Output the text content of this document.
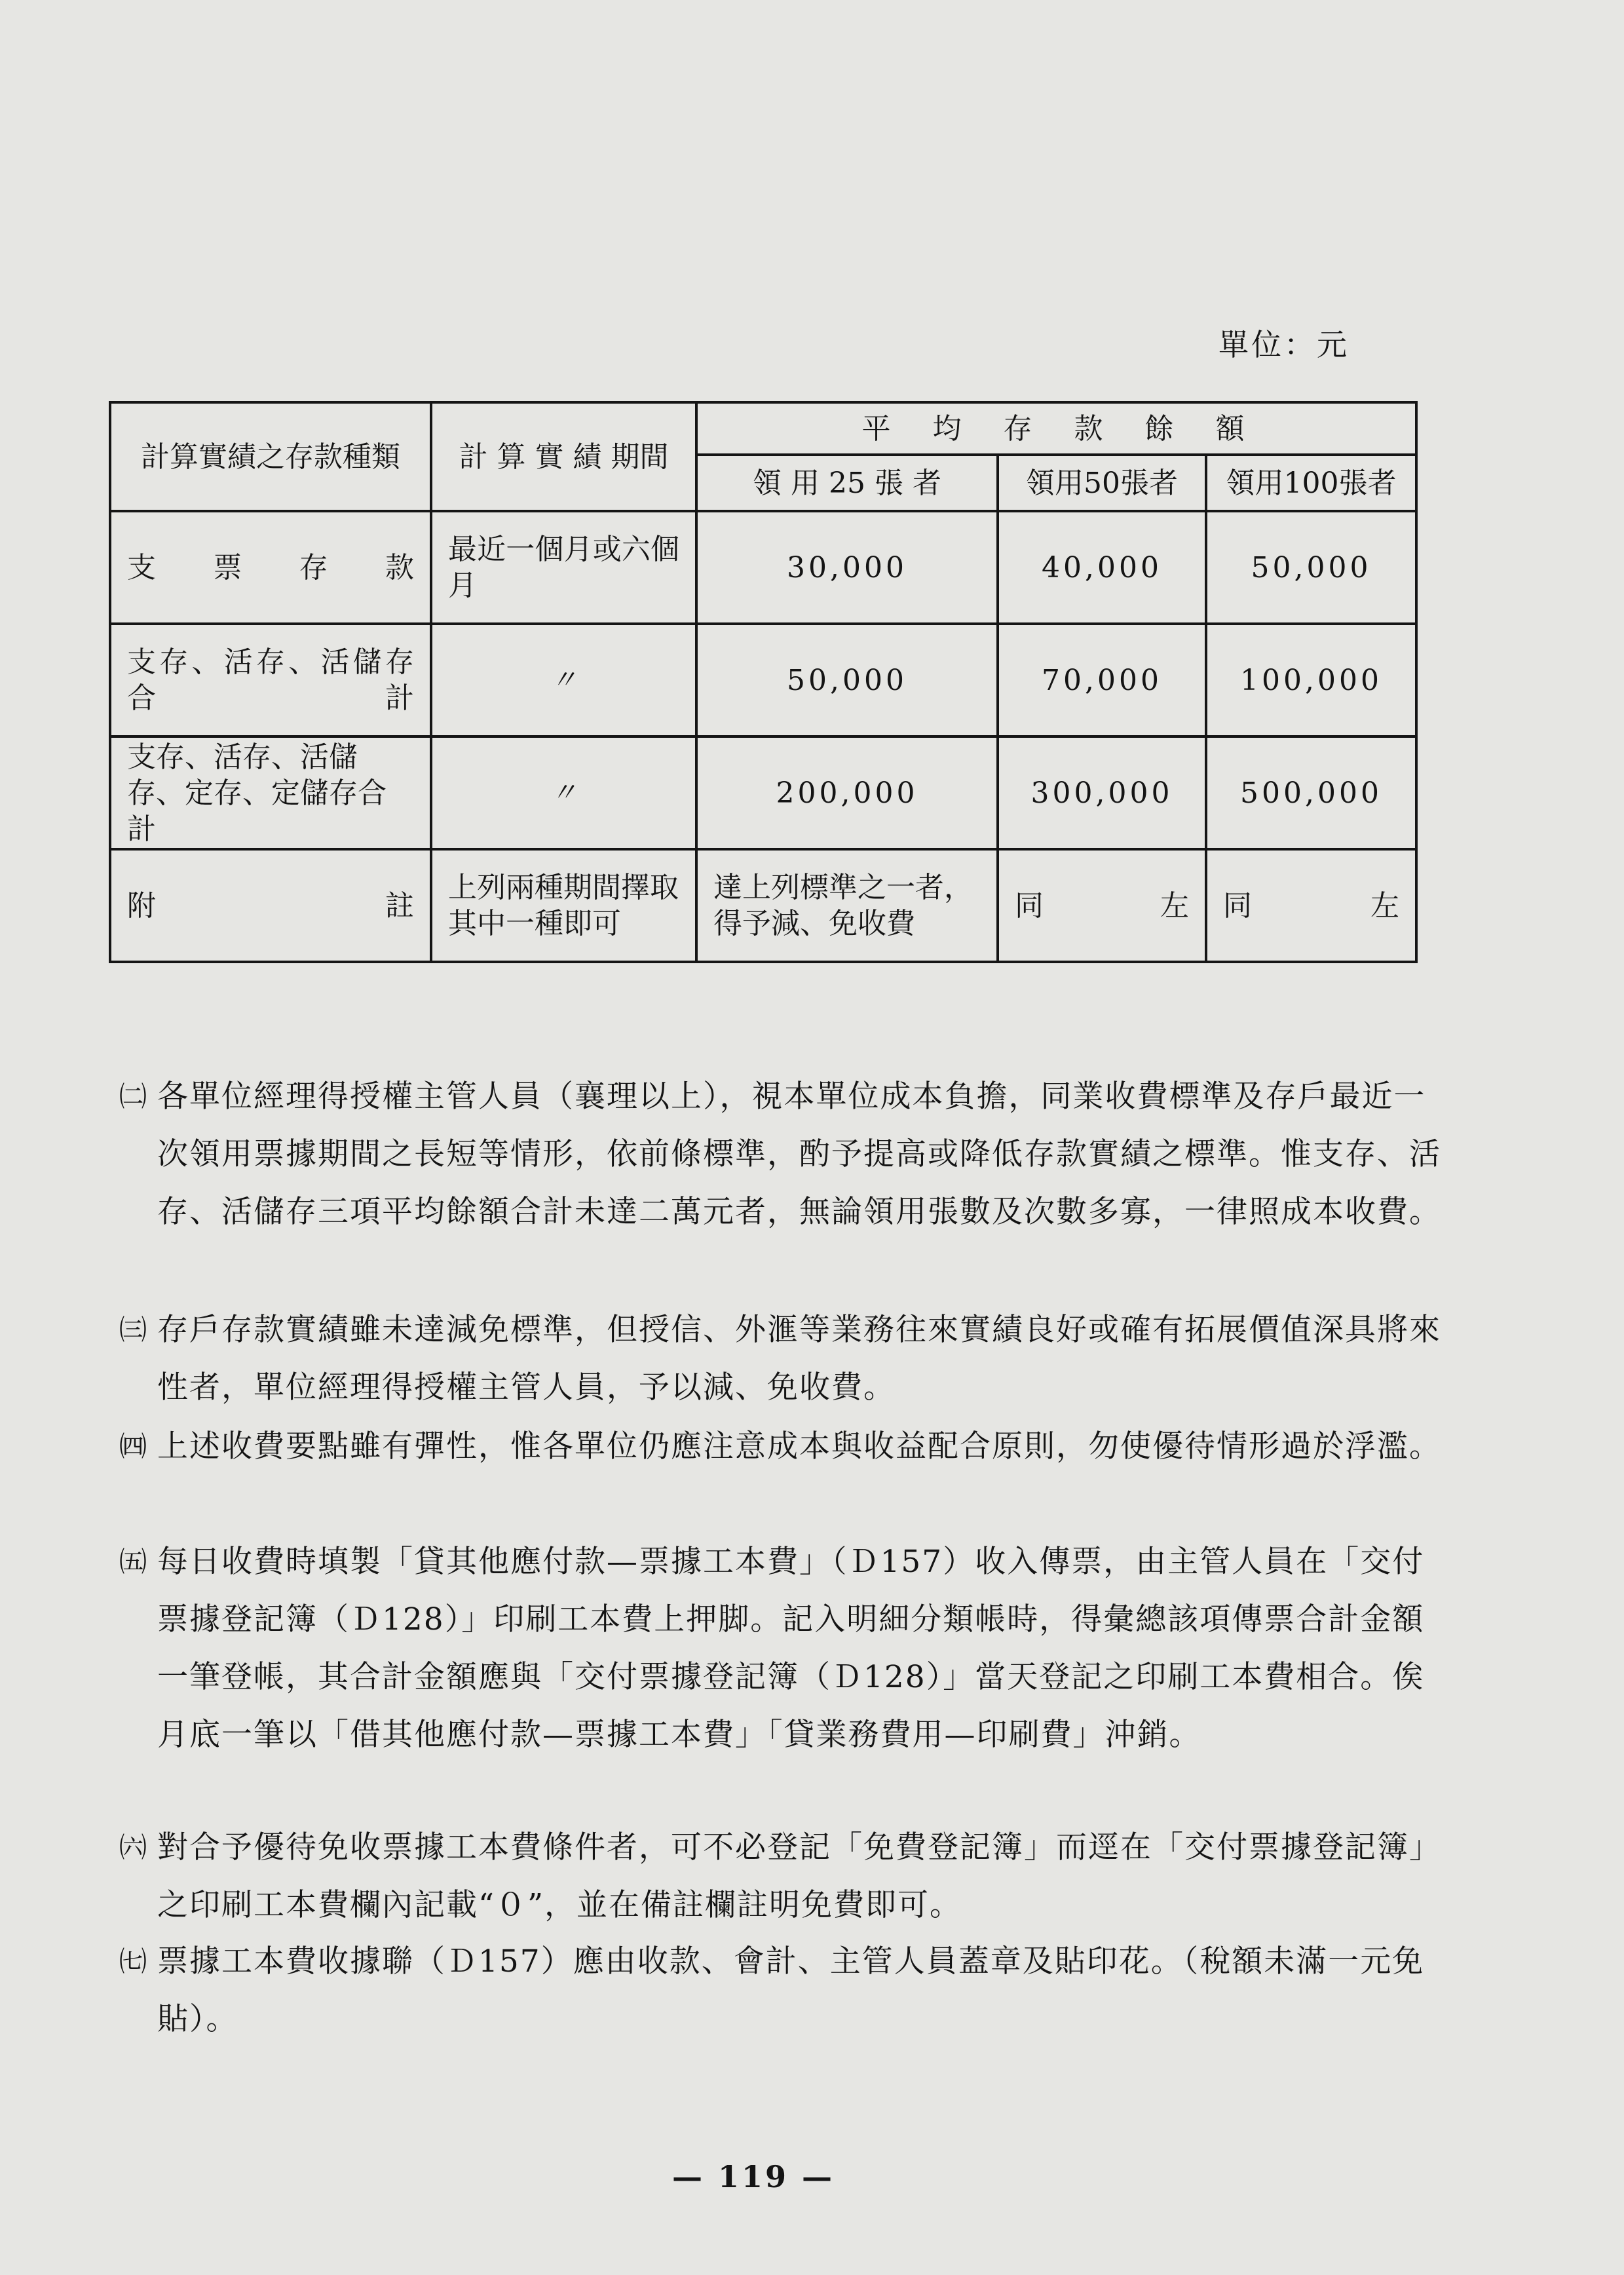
單位：元
計算實績之存款種類	計 算 實 績 期間	平　均　存　款　餘　額		
		領 用 25 張 者	領用50張者	領用100張者
支 票 存 款	最近一個月或六個月	30,000	40,000	50,000
支存、活存、活儲存合計	〃	50,000	70,000	100,000
支存、活存、活儲存、定存、定儲存合計	〃	200,000	300,000	500,000
附 註	上列兩種期間擇取其中一種即可	達上列標準之一者，得予減、免收費	同 左	同 左
㈡ 各單位經理得授權主管人員（襄理以上），視本單位成本負擔，同業收費標準及存戶最近一次領用票據期間之長短等情形，依前條標準，酌予提高或降低存款實績之標準。惟支存、活存、活儲存三項平均餘額合計未達二萬元者，無論領用張數及次數多寡，一律照成本收費。
㈢ 存戶存款實績雖未達減免標準，但授信、外滙等業務往來實績良好或確有拓展價值深具將來性者，單位經理得授權主管人員，予以減、免收費。
㈣ 上述收費要點雖有彈性，惟各單位仍應注意成本與收益配合原則，勿使優待情形過於浮濫。
㈤ 每日收費時填製「貸其他應付款—票據工本費」（Ｄ157）收入傳票，由主管人員在「交付票據登記簿（Ｄ128）」印刷工本費上押脚。記入明細分類帳時，得彙總該項傳票合計金額一筆登帳，其合計金額應與「交付票據登記簿（Ｄ128）」當天登記之印刷工本費相合。俟月底一筆以「借其他應付款—票據工本費」「貸業務費用—印刷費」沖銷。
㈥ 對合予優待免收票據工本費條件者，可不必登記「免費登記簿」而逕在「交付票據登記簿」之印刷工本費欄內記載“０”，並在備註欄註明免費即可。
㈦ 票據工本費收據聯（Ｄ157）應由收款、會計、主管人員蓋章及貼印花。（稅額未滿一元免貼）。
— 119 —
